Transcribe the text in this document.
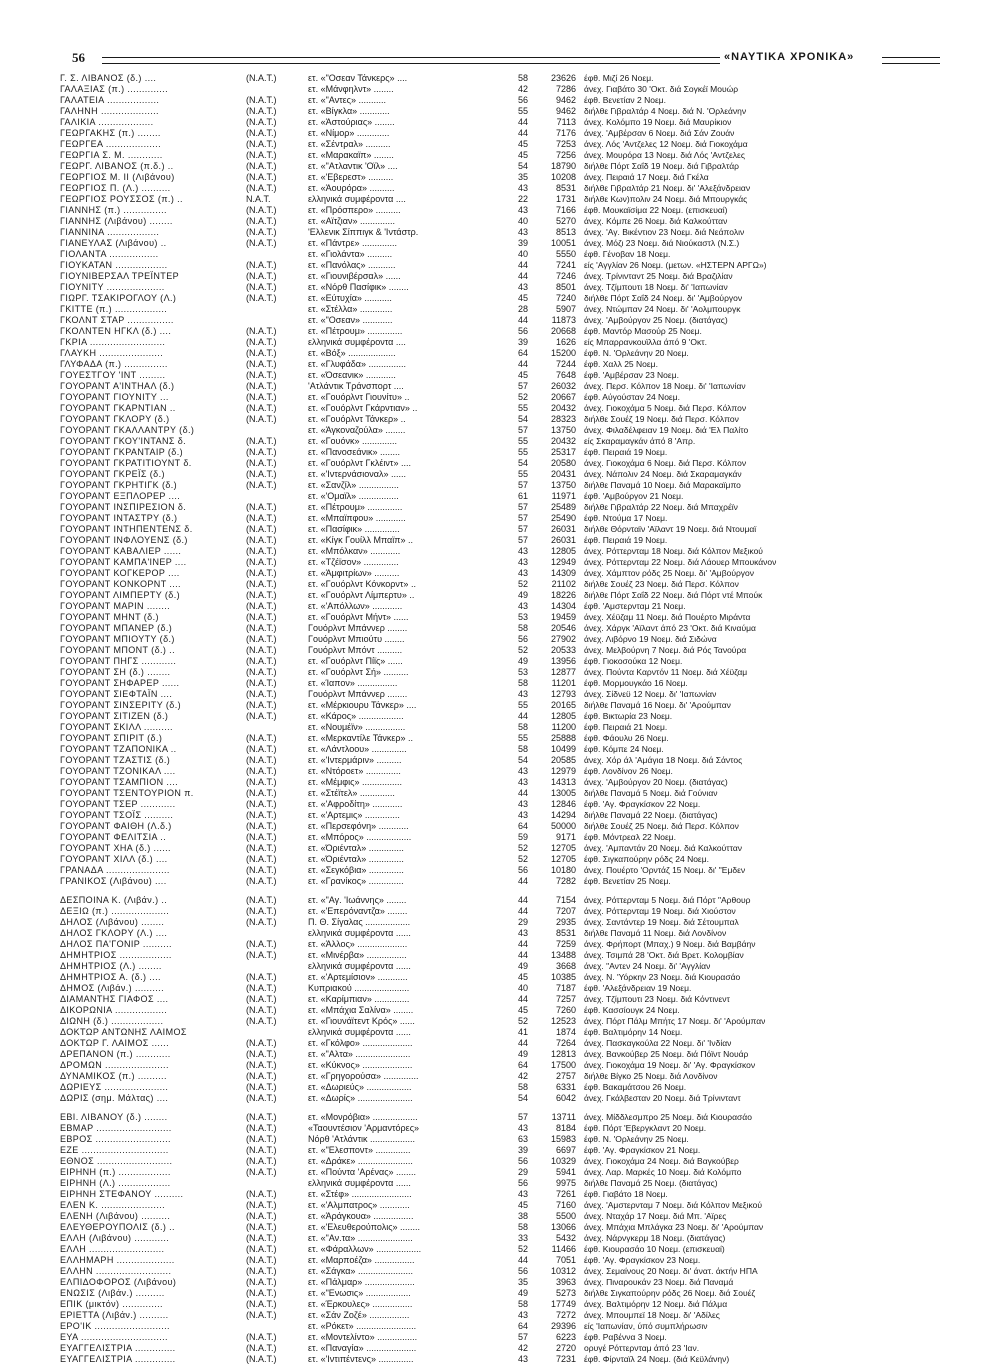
56	«ΝΑΥΤΙΚΑ ΧΡΟΝΙΚΑ»
Γ. Σ. ΛΙΒΑΝΟΣ (δ.) ....	(Ν.Α.Τ.)	ετ. «"Οσεαν Τάνκερς» ....	58	23626 έφθ. Μιζί 26 Νοεμ.
ΓΑΛΑΞΙΑΣ (π.) ..............	ετ. «Μάνφηλντ» ........	42	7286 άνεχ. Γιαβάτο 30 'Οκτ. διά Σογκέϊ Μουώρ
ΓΑΛΑΤΕΙΑ ..................	(Ν.Α.Τ.)	ετ. «"Αντες» ...........	56	9462 έφθ. Βενετίαν 2 Νοεμ.
ΓΑΛΗΝΗ ....................	(Ν.Α.Τ.)	ετ. «Βίγκλα» ............	55	9462 διήλθε Γιβραλτάρ 4 Νοεμ. διά Ν. 'Ορλεάνην
ΓΑΛΙΚΙΑ ...................	(Ν.Α.Τ.)	ετ. «Άστούριας» ........	44	7113 άνεχ. Κολόμπο 19 Νοεμ. διά Μαυρίκιον
ΓΕΩΡΓΑΚΗΣ (π.) ........	(Ν.Α.Τ.)	ετ. «Νίμορ» .............	44	7176 άνεχ. 'Αμβέρσαν 6 Νοεμ. διά Σάν Ζουάν
ΓΕΩΡΓΕΑ ...................	(Ν.Α.Τ.)	ετ. «Σέντραλ» ..........	45	7253 άνεχ. Λός 'Αντζελες 12 Νοεμ. διά Γιοκοχάμα
ΓΕΩΡΓΙΑ Σ. Μ. ............	(Ν.Α.Τ.)	ετ. «Μαρακαϊπ» ........	45	7256 άνεχ. Μουρόρα 13 Νοεμ. διά Λός 'Αντζελες
ΓΕΩΡΓ. ΛΙΒΑΝΟΣ (π.δ.) ..	(Ν.Α.Τ.)	ετ. «"Ατλαντικ 'Οϊλ» ....	54	18790 διήλθε Πόρτ Σαΐδ 19 Νοεμ. διά Γιβραλτάρ
ΓΕΩΡΓΙΟΣ Μ. ΙΙ (Λιβάνου)	(Ν.Α.Τ.)	ετ. «'Εβερεστ» ..........	35	10208 άνεχ. Πειραιά 17 Νοεμ. διά Γκέλα
ΓΕΩΡΓΙΟΣ Π. (Λ.) ..........	(Ν.Α.Τ.)	ετ. «Άουρόρα» ..........	43	8531 διήλθε Γιβραλτάρ 21 Νοεμ. δι' 'Αλεξάνδρειαν
ΓΕΩΡΓΙΟΣ ΡΟΥΣΣΟΣ (π.) ..	Ν.Α.Τ.	ελληνικά συμφέροντα ....	22	1731 διήλθε Κων)πολιν 24 Νοεμ. διά Μπουργκάς
ΓΙΑΝΝΗΣ (π.) ...............	(Ν.Α.Τ.)	ετ. «Πρόσπερο» ..........	43	7166 έφθ. Μουκαϊσίμα 22 Νοεμ. (επισκευαί)
ΓΙΑΝΝΗΣ (Λιβάνου) ........	(Ν.Α.Τ.)	ετ. «Αϊτζιαν» ..............	40	5270 άνεχ. Κόμπε 26 Νοεμ. διά Καλκούτταν
ΓΙΑΝΝΙΝΑ ..................	(Ν.Α.Τ.)	'Ελλενικ Σίππιγκ & 'Ιντάστρ.	43	8513 άνεχ. 'Αγ. Βικέντιον 23 Νοεμ. διά Νεάπολιν
ΓΙΑΝΕΥΛΑΣ (Λιβάνου) ..	(Ν.Α.Τ.)	ετ. «Πάντρε» ..............	39	10051 άνεχ. Μόζι 23 Νοεμ. διά Νιούκαστλ (Ν.Σ.)
ΓΙΟΛΑΝΤΑ .................	ετ. «Γιολάντα» ..........	40	5550 έφθ. Γένοβαν 18 Νοεμ.
ΓΙΟΥΚΑΤΑΝ ..................	(Ν.Α.Τ.)	ετ. «Πανόλας» ...........	44	7241 είς 'Αγγλίαν 26 Νοεμ. (μετων. «ΗΣΤΕΡΝ ΑΡΓΩ»)
ΓΙΟΥΝΙΒΕΡΣΑΛ ΤΡΕΪΝΤΕΡ	(Ν.Α.Τ.)	ετ. «Γιουνιβέρσαλ» ......	44	7246 άνεχ. Τρίνινταντ 25 Νοεμ. διά Βραζιλίαν
ΓΙΟΥΝΙΤΥ ....................	(Ν.Α.Τ.)	ετ. «Νόρθ Πασίφικ» ........	43	8501 άνεχ. Τζίμπουτι 18 Νοεμ. δι' 'Ιαπωνίαν
ΓΙΩΡΓ. ΤΣΑΚΙΡΟΓΛΟΥ (Λ.)	(Ν.Α.Τ.)	ετ. «Εύτυχία» ...........	45	7240 διήλθε Πόρτ Σαΐδ 24 Νοεμ. δι' 'Αμβούργον
ΓΚΙΤΤΕ (π.) ..................	ετ. «Στέλλα» .............	28	5907 άνεχ. Ντώμπαν 24 Νοεμ. δι' 'Αολμπουργκ
ΓΚΟΛΝΤ ΣΤΑΡ ................	ετ. «"Οσεαν» ............	44	11873 άνεχ. 'Αμβούργον 25 Νοεμ. (διατάγας)
ΓΚΟΛΝΤΕΝ ΗΓΚΛ (δ.) ....	(Ν.Α.Τ.)	ετ. «Πέτρουμ» ..............	56	20668 έφθ. Μαντόρ Μασούρ 25 Νοεμ.
ΓΚΡΙΑ ..........................	(Ν.Α.Τ.)	ελληνικά συμφέροντα ....	39	1626 είς Μπαρρανκουϊλλα άπό 9 'Οκτ.
ΓΛΑΥΚΗ ......................	(Ν.Α.Τ.)	ετ. «Βόξ» ...................	64	15200 έφθ. Ν. 'Ορλεάνην 20 Νοεμ.
ΓΛΥΦΑΔΑ (π.) ...............	(Ν.Α.Τ.)	ετ. «Γλυφάδα» ...............	44	7244 έφθ. Χαλλ 25 Νοεμ.
ΓΟΥΕΣΤΓΟΥ 'ΙΝΤ .........	(Ν.Α.Τ.)	ετ. «Όσεανικ» ............	45	7648 έφθ. 'Αμβέρσαν 23 Νοεμ.
ΓΟΥΟΡΑΝΤ Α'ΙΝΤΗΑΛ (δ.)	(Ν.Α.Τ.)	'Ατλάντικ Τράνσπορτ ....	57	26032 άνεχ. Περσ. Κόλπον 18 Νοεμ. δι' 'Ιαπωνίαν
ΓΟΥΟΡΑΝΤ ΓΙΟΥΝΙΤΥ ...	(Ν.Α.Τ.)	ετ. «Γουόρλντ Γιουνίτυ» ..	52	20667 έφθ. Αύγούσταν 24 Νοεμ.
ΓΟΥΟΡΑΝΤ ΓΚΑΡΝΤΙΑΝ ..	(Ν.Α.Τ.)	ετ. «Γουόρλντ Γκάρντιαν» ..	55	20432 άνεχ. Γιοκοχάμα 5 Νοεμ. διά Περσ. Κόλπον
ΓΟΥΟΡΑΝΤ ΓΚΛΟΡΥ (δ.)	(Ν.Α.Τ.)	ετ. «Γουόρλντ Τάνκερ» ..	54	28323 διήλθε Σουέζ 19 Νοεμ. διά Περσ. Κόλπον
ΓΟΥΟΡΑΝΤ ΓΚΑΛΛΑΝΤΡΥ (δ.)	ετ. «Άγκοναζούλα» ........	57	13750 άνεχ. Φιλαδέλφειαν 19 Νοεμ. διά 'Ελ Παλίτο
ΓΟΥΟΡΑΝΤ ΓΚΟΥ'ΙΝΤΑΝΣ δ.	(Ν.Α.Τ.)	ετ. «Γουόνκ» ..............	55	20432 είς Σκαραμαγκάν άπό 8 'Απρ.
ΓΟΥΟΡΑΝΤ ΓΚΡΑΝΤΑΙΡ (δ.)	(Ν.Α.Τ.)	ετ. «Πανοσεάνικ» ........	55	25317 έφθ. Πειραιά 19 Νοεμ.
ΓΟΥΟΡΑΝΤ ΓΚΡΑΤΙΤΙΟΥΝΤ δ.	(Ν.Α.Τ.)	ετ. «Γουόρλντ Γκλέιντ» ....	54	20580 άνεχ. Γιοκοχάμα 6 Νοεμ. διά Περσ. Κόλπον
ΓΟΥΟΡΑΝΤ ΓΚΡΕΪΣ (δ.)	(Ν.Α.Τ.)	ετ. «'Ιντερνάσιοναλ» ......	55	20431 άνεχ. Νάπολιν 24 Νοεμ. διά Σκαραμαγκάν
ΓΟΥΟΡΑΝΤ ΓΚΡΗΤΙΓΚ (δ.)	(Ν.Α.Τ.)	ετ. «Σανζίλ» ................	57	13750 διήλθε Παναμά 10 Νοεμ. διά Μαρακαϊμπο
ΓΟΥΟΡΑΝΤ ΕΞΠΛΟΡΕΡ ....	ετ. «'Ομαϊλ» ................	61	11971 έφθ. 'Αμβούργον 21 Νοεμ.
ΓΟΥΟΡΑΝΤ ΙΝΣΠΙΡΕΣΙΟΝ δ.	(Ν.Α.Τ.)	ετ. «Πέτρουμ» ..............	57	25489 διήλθε Γιβραλτάρ 22 Νοεμ. διά Μπαχρέϊν
ΓΟΥΟΡΑΝΤ ΙΝΤΑΣΤΡΥ (δ.)	(Ν.Α.Τ.)	ετ. «Μπαϊπφου» ............	57	25490 έφθ. Ντούμα 17 Νοεμ.
ΓΟΥΟΡΑΝΤ ΙΝΤΗΠΕΝΤΕΝΣ δ.	(Ν.Α.Τ.)	ετ. «Πασίφικ» ..............	57	26031 διήλθε Θόρνταϊν 'Αϊλαντ 19 Νοεμ. διά Ντουμαϊ
ΓΟΥΟΡΑΝΤ ΙΝΦΛΟΥΕΝΣ (δ.)	(Ν.Α.Τ.)	ετ. «Κίγκ Γουίλλ Μπαϊπ» ..	57	26031 έφθ. Πειραιά 19 Νοεμ.
ΓΟΥΟΡΑΝΤ ΚΑΒΑΛΙΕΡ ......	(Ν.Α.Τ.)	ετ. «Μπόλκαν» ............	43	12805 άνεχ. Ρόττερνταμ 18 Νοεμ. διά Κόλπον Μεξικού
ΓΟΥΟΡΑΝΤ ΚΑΜΠΑ'ΙΝΕΡ ....	(Ν.Α.Τ.)	ετ. «Τζέϊσον» ..............	43	12949 άνεχ. Ρόττερνταμ 22 Νοεμ. διά Λάουερ Μπουκάνον
ΓΟΥΟΡΑΝΤ ΚΟΓΚΕΡΟΡ ....	(Ν.Α.Τ.)	ετ. «Άμφιτρίων» ..........	43	14309 άνεχ. Χάμπτον ρόδς 25 Νοεμ. δι' 'Αμβούργον
ΓΟΥΟΡΑΝΤ ΚΟΝΚΟΡΝΤ ....	(Ν.Α.Τ.)	ετ. «Γουόρλντ Κόνκορντ» ..	52	21102 διήλθε Σουέζ 23 Νοεμ. διά Περσ. Κόλπον
ΓΟΥΟΡΑΝΤ ΛΙΜΠΕΡΤΥ (δ.)	(Ν.Α.Τ.)	ετ. «Γουόρλντ Λίμπερτυ» ..	49	18226 διήλθε Πόρτ Σαΐδ 22 Νοεμ. διά Πόρτ ντέ Μπούκ
ΓΟΥΟΡΑΝΤ ΜΑΡΙΝ ........	(Ν.Α.Τ.)	ετ. «'Απόλλων» ............	43	14304 έφθ. 'Αμστερνταμ 21 Νοεμ.
ΓΟΥΟΡΑΝΤ ΜΗΝΤ (δ.)	(Ν.Α.Τ.)	ετ. «Γουόρλντ Μήντ» ......	53	19459 άνεχ. Χέϋζαμ 11 Νοεμ. διά Πουέρτο Μιράντα
ΓΟΥΟΡΑΝΤ ΜΠΑΝΕΡ (δ.)	(Ν.Α.Τ.)	Γουόρλντ Μπάννερ ........	58	20546 άνεχ. Χάργκ 'Αϊλαντ άπό 23 'Οκτ. διά Κιναύμα
ΓΟΥΟΡΑΝΤ ΜΠΙΟΥΤΥ (δ.)	(Ν.Α.Τ.)	Γουόρλντ Μπιούτυ ........	56	27902 άνεχ. Λιβόρνο 19 Νοεμ. διά Σιδώνα
ΓΟΥΟΡΑΝΤ ΜΠΟΝΤ (δ.) ..	(Ν.Α.Τ.)	Γουόρλντ Μπόντ ..........	52	20533 άνεχ. Μελβούρνη 7 Νοεμ. διά Ρός Τανούρα
ΓΟΥΟΡΑΝΤ ΠΗΓΣ ............	(Ν.Α.Τ.)	ετ. «Γουόρλντ Πίϊς» ......	49	13956 έφθ. Γιοκοσούκα 12 Νοεμ.
ΓΟΥΟΡΑΝΤ ΣΗ (δ.) ........	(Ν.Α.Τ.)	ετ. «Γουόρλντ Σή» ..........	53	12877 άνεχ. Πούντα Καρντόν 11 Νοεμ. διά Χέϋζαμ
ΓΟΥΟΡΑΝΤ ΣΗΦΑΡΕΡ ......	(Ν.Α.Τ.)	ετ. «Ίαπον» ................	58	11201 έφθ. Μορμουγκάο 16 Νοεμ.
ΓΟΥΟΡΑΝΤ ΣΙΕΦΤΑΪΝ ....	(Ν.Α.Τ.)	Γουόρλντ Μπάννερ ........	43	12793 άνεχ. Σίδνεϋ 12 Νοεμ. δι' 'Ιαπωνίαν
ΓΟΥΟΡΑΝΤ ΣΙΝΣΕΡΙΤΥ (δ.)	(Ν.Α.Τ.)	ετ. «Μέρκιουρυ Τάνκερ» ....	55	20165 διήλθε Παναμά 16 Νοεμ. δι' 'Αρούμπαν
ΓΟΥΟΡΑΝΤ ΣΙΤΙΖΕΝ (δ.)	(Ν.Α.Τ.)	ετ. «Κάρος» ..................	44	12805 έφθ. Βικτωρία 23 Νοεμ.
ΓΟΥΟΡΑΝΤ ΣΚΙΛΛ ..........	ετ. «Νουμέϊν» ................	58	11200 έφθ. Πειραιά 21 Νοεμ.
ΓΟΥΟΡΑΝΤ ΣΠΙΡΙΤ (δ.)	(Ν.Α.Τ.)	ετ. «Μερκαντίλε Τάνκερ» ..	55	25888 έφθ. Φάουλυ 26 Νοεμ.
ΓΟΥΟΡΑΝΤ ΤΖΑΠΟΝΙΚΑ ..	(Ν.Α.Τ.)	ετ. «Λάντλοου» ..............	58	10499 έφθ. Κόμπε 24 Νοεμ.
ΓΟΥΟΡΑΝΤ ΤΖΑΣΤΙΣ (δ.)	(Ν.Α.Τ.)	ετ. «'Ιντερμάριν» ..........	54	20585 άνεχ. Χόρ άλ 'Αμάγια 18 Νοεμ. διά Σάντος
ΓΟΥΟΡΑΝΤ ΤΖΟΝΙΚΑΛ ....	(Ν.Α.Τ.)	ετ. «Ντόροετ» ..............	43	12979 έφθ. Λονδίνον 26 Νοεμ.
ΓΟΥΟΡΑΝΤ ΤΣΑΜΠΙΟΝ ....	(Ν.Α.Τ.)	ετ. «Μέμφις» ................	43	14313 άνεχ. 'Αμβούργον 20 Νοεμ. (διατάγας)
ΓΟΥΟΡΑΝΤ ΤΣΕΝΤΟΥΡΙΟΝ π.	(Ν.Α.Τ.)	ετ. «Στέϊτελ» ..............	44	13005 διήλθε Παναμά 5 Νοεμ. διά Γούνιαν
ΓΟΥΟΡΑΝΤ ΤΣΕΡ ............	(Ν.Α.Τ.)	ετ. «'Αφροδίτη» ............	43	12846 έφθ. 'Αγ. Φραγκίσκον 22 Νοεμ.
ΓΟΥΟΡΑΝΤ ΤΣΟΪΣ ..........	(Ν.Α.Τ.)	ετ. «'Αρτεμις» ..............	43	14294 διήλθε Παναμά 22 Νοεμ. (διατάγας)
ΓΟΥΟΡΑΝΤ ΦΑΙΘΗ (Λ.δ.)	(Ν.Α.Τ.)	ετ. «Περσεφόνη» ............	64	50000 διήλθε Σουέζ 25 Νοεμ. διά Περσ. Κόλπον
ΓΟΥΟΡΑΝΤ ΦΕΛΙΤΣΙΑ ..	(Ν.Α.Τ.)	ετ. «Μπόρος» ..................	59	9171 έφθ. Μόντρεαλ 22 Νοεμ.
ΓΟΥΟΡΑΝΤ ΧΗΑ (δ.) ......	(Ν.Α.Τ.)	ετ. «Όριένταλ» ..............	52	12705 άνεχ. 'Αμπαντάν 20 Νοεμ. διά Καλκούτταν
ΓΟΥΟΡΑΝΤ ΧΙΛΛ (δ.) ....	(Ν.Α.Τ.)	ετ. «Όριένταλ» ..............	52	12705 έφθ. Σιγκαπούρην ρόδς 24 Νοεμ.
ΓΡΑΝΑΔΑ ......................	(Ν.Α.Τ.)	ετ. «Σεγκόβια» ..............	56	10180 άνεχ. Πουέρτο 'Ορντάζ 15 Νοεμ. δι' "Εμδεν
ΓΡΑΝΙΚΟΣ (Λιβάνου) ....	(Ν.Α.Τ.)	ετ. «Γρανίκος» ..............	44	7282 έφθ. Βενετίαν 25 Νοεμ.
ΔΕΣΠΟΙΝΑ Κ. (Λιβάν.) ..	(Ν.Α.Τ.)	ετ. «"Αγ. 'Ιωάννης» ........	44	7154 άνεχ. Ρόττερνταμ 5 Νοεμ. διά Πόρτ "Αρθουρ
ΔΕΞΙΩ (π.) ....................	(Ν.Α.Τ.)	ετ. «'Επερόναντζα» ........	44	7207 άνεχ. Ρόττερνταμ 19 Νοεμ. διά Χιούστον
ΔΗΛΟΣ (Λιβάνου) ........	(Ν.Α.Τ.)	Π. Θ. Σίγαλας ..................	29	2935 άνεχ. Σαντάντερ 19 Νοεμ. διά Σέτουμπαλ
ΔΗΛΟΣ ΓΚΛΟΡΥ (Λ.) ....	ελληνικά συμφέροντα ......	43	8531 διήλθε Παναμά 11 Νοεμ. διά Λονδίνον
ΔΗΛΟΣ ΠΑ'ΓΟΝΙΡ ..........	(Ν.Α.Τ.)	ετ. «Άλλος» ....................	44	7259 άνεχ. Φρήπορτ (Μπαχ.) 9 Νοεμ. διά Βαμβάην
ΔΗΜΗΤΡΙΟΣ ..................	(Ν.Α.Τ.)	ετ. «Μινέρβα» ................	44	13488 άνεχ. Τσιμπά 28 'Οκτ. διά Βρετ. Κολομβίαν
ΔΗΜΗΤΡΙΟΣ (Λ.) ........	ελληνικά συμφέροντα ......	49	3668 άνεχ. "Αντεν 24 Νοεμ. δι' 'Αγγλίαν
ΔΗΜΗΤΡΙΟΣ Α. (δ.) ....	(Ν.Α.Τ.)	ετ. «'Αρτεμίσιον» ............	45	10385 άνεχ. Ν. 'Υόρκην 23 Νοεμ. διά Κιουρασάο
ΔΗΜΟΣ (Λιβάν.) ..........	(Ν.Α.Τ.)	Κυπριακού ......................	40	7187 έφθ. 'Αλεξάνδρειαν 19 Νοεμ.
ΔΙΑΜΑΝΤΗΣ ΓΙΑΦΟΣ ....	(Ν.Α.Τ.)	ετ. «Καρίμπιαν» ..............	44	7257 άνεχ. Τζίμπουτι 23 Νοεμ. διά Κόντινεντ
ΔΙΚΟΡΩΝΙΑ ..................	(Ν.Α.Τ.)	ετ. «Μπάχια Σαλίνα» ........	45	7260 έφθ. Κασσίουγκ 24 Νοεμ.
ΔΙΩΝΗ (δ.) ..................	(Ν.Α.Τ.)	ετ. «Γιουνάϊτεντ Κρός» ......	52	12523 άνεχ. Πόρτ Πάλμ Μπήτς 17 Νοεμ. δι' 'Αρούμπαν
ΔΟΚΤΩΡ ΑΝΤΩΝΗΣ ΛΑΙΜΟΣ	ελληνικά συμφέροντα ......	41	1874 έφθ. Βαλτιμόρην 14 Νοεμ.
ΔΟΚΤΩΡ Γ. ΛΑΙΜΟΣ ......	(Ν.Α.Τ.)	ετ. «Γκόλφο» ....................	44	7264 άνεχ. Πασκαγκούλα 22 Νοεμ. δι' 'Ινδίαν
ΔΡΕΠΑΝΟΝ (π.) ............	(Ν.Α.Τ.)	ετ. «"Αλτα» ......................	49	12813 άνεχ. Βανκούβερ 25 Νοεμ. διά Πόϊντ Νουάρ
ΔΡΟΜΩΝ ......................	(Ν.Α.Τ.)	ετ. «Κύκνος» ....................	64	17500 άνεχ. Γιοκοχάμα 19 Νοεμ. δι' 'Αγ. Φραγκίσκον
ΔΥΝΑΜΙΚΟΣ (π.) ..........	(Ν.Α.Τ.)	ετ. «Γρηγορούσα» ..............	42	2757 διήλθε Βίγκο 25 Νοεμ. διά Λονδίνον
ΔΩΡΙΕΥΣ ......................	(Ν.Α.Τ.)	ετ. «Δωριεύς» ..................	58	6331 έφθ. Βακαμάτσου 26 Νοεμ.
ΔΩΡΙΣ (σημ. Μάλτας) ....	(Ν.Α.Τ.)	ετ. «Δωρίς» ......................	54	6042 άνεχ. Γκάλβεσταν 20 Νοεμ. διά Τρίνινταντ
ΕΒΙ. ΛΙΒΑΝΟΥ (δ.) ........	(Ν.Α.Τ.)	ετ. «Μονρόβια» ..................	57	13711 άνεχ. Μίδδλεσμπρο 25 Νοεμ. διά Κιουρασάο
ΕΒΜΑΡ ..........................	(Ν.Α.Τ.)	«Ταουντέσιον 'Αρμαντόρες»	43	8184 έφθ. Πόρτ 'Εβεργκλαντ 20 Νοεμ.
ΕΒΡΟΣ ..........................	(Ν.Α.Τ.)	Νόρθ 'Ατλάντικ ..................	63	15983 έφθ. Ν. 'Ορλεάνην 25 Νοεμ.
ΕΖΕ ..............................	(Ν.Α.Τ.)	ετ. «"Ελεσποντ» ..............	39	6697 έφθ. 'Αγ. Φραγκίσκον 21 Νοεμ.
ΕΘΝΟΣ ..........................	(Ν.Α.Τ.)	ετ. «Δράκε» ......................	56	10329 άνεχ. Γιοκοχάμα 24 Νοεμ. διά Βαγκούβερ
ΕΙΡΗΝΗ (π.) ..................	(Ν.Α.Τ.)	ετ. «Πούντα 'Αρένας» ........	29	5941 άνεχ. Λαρ. Μαρκές 10 Νοεμ. διά Κολόμπο
ΕΙΡΗΝΗ (Λ.) ..................	ελληνικά συμφέροντα ......	56	9975 διήλθε Παναμά 25 Νοεμ. (διατάγας)
ΕΙΡΗΝΗ ΣΤΕΦΑΝΟΥ ..........	(Ν.Α.Τ.)	ετ. «Στέφ» ........................	43	7261 έφθ. Γιαβάτο 18 Νοεμ.
ΕΛΕΝ Κ. ......................	(Ν.Α.Τ.)	ετ. «'Αλμπατρος» ............	45	7160 άνεχ. 'Αμστερνταμ 7 Νοεμ. διά Κόλπον Μεξικού
ΕΛΕΝΗ (Λιβάνου) ..........	(Ν.Α.Τ.)	ετ. «Άράγκουα» ................	38	5500 άνεχ. Νταχάρ 17 Νοεμ. διά Μπ. 'Αϊρες
ΕΛΕΥΘΕΡΟΥΠΟΛΙΣ (δ.) ..	(Ν.Α.Τ.)	ετ. «'Ελευθερούπολις» ........	58	13066 άνεχ. Μπάχια Μπλάγκα 23 Νοεμ. δι' 'Αρούμπαν
ΕΛΛΗ (Λιβάνου) ............	(Ν.Α.Τ.)	ετ. «"Αν.τα» ......................	33	5432 άνεχ. Νάρνγκερμ 18 Νοεμ. (διατάγας)
ΕΛΛΗ ..........................	(Ν.Α.Τ.)	ετ. «Φάραλλων» ..................	52	11466 έφθ. Κιουρασάο 10 Νοεμ. (επισκευαί)
ΕΛΛΗΜΑΡΗ ....................	(Ν.Α.Τ.)	ετ. «Μαρποέζα» ................	44	7051 έφθ. 'Αγ. Φραγκίσκον 23 Νοεμ.
ΕΛΛΗΝ ..........................	(Ν.Α.Τ.)	ετ. «Σάγκα» ......................	56	10312 άνεχ. Σεμαίνους 20 Νοεμ. δι' άνατ. άκτήν ΗΠΑ
ΕΛΠΙΔΟΦΟΡΟΣ (Λιβάνου)	(Ν.Α.Τ.)	ετ. «Πάλμαρ» ....................	35	3963 άνεχ. Πιναρουκάν 23 Νοεμ. διά Παναμά
ΕΝΩΣΙΣ (Λιβάν.) ..........	(Ν.Α.Τ.)	ετ. «"Ενωσις» ..................	49	5273 διήλθε Σιγκαπούρην ρόδς 26 Νοεμ. διά Σουέζ
ΕΠΙΚ (μικτόν) ..............	(Ν.Α.Τ.)	ετ. «Έρκουλες» ................	58	17749 άνεχ. Βαλτιμόρην 12 Νοεμ. διά Πάλμα
ΕΡΙΕΤΤΑ (Λιβάν.) ..........	(Ν.Α.Τ.)	ετ. «Σάν Ζοζέ» ................	43	7272 άνεχ. Μπουμπεϊ 18 Νοεμ. δι' 'Αδίλες
ΕΡΟ'ΙΚ ..........................	ετ. «Ρόκετ» ........................	64	29396 είς 'Ιαπωνίαν, ύπό συμπλήρωσιν
ΕΥΑ ..............................	(Ν.Α.Τ.)	ετ. «Μοντελίντο» ................	57	6223 έφθ. Ραβέννα 3 Νοεμ.
ΕΥΑΓΓΕΛΙΣΤΡΙΑ ..............	(Ν.Α.Τ.)	ετ. «Παναγία» ....................	42	2720 ορυγέ Ρόττερνταμ άπό 23 'Ιαν.
ΕΥΑΓΓΕΛΙΣΤΡΙΑ ..............	(Ν.Α.Τ.)	ετ. «'Ιντιπέντενς» ..............	43	7231 έφθ. Φίρνταϊλ 24 Νοεμ. (διά Κεϋλάνην)
